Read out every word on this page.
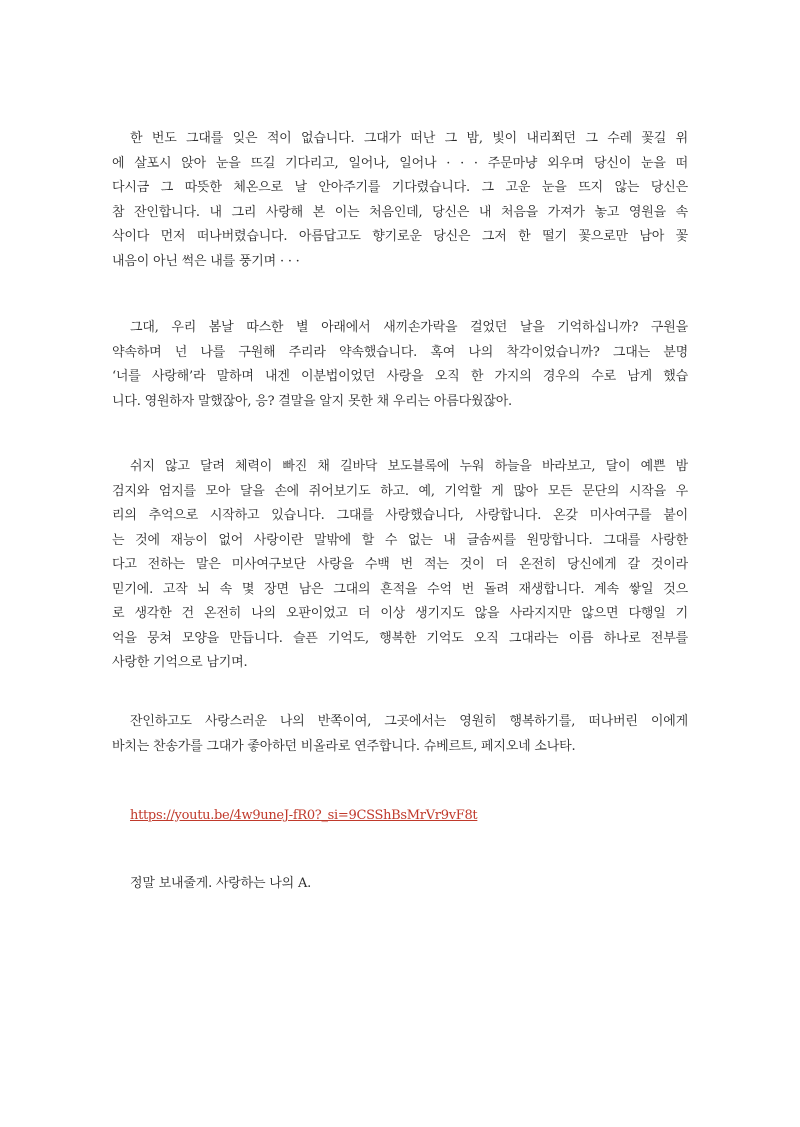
한 번도 그대를 잊은 적이 없습니다. 그대가 떠난 그 밤, 빛이 내리쬐던 그 수레 꽃길 위
에 살포시 앉아 눈을 뜨길 기다리고, 일어나, 일어나 · · · 주문마냥 외우며 당신이 눈을 떠
다시금 그 따뜻한 체온으로 날 안아주기를 기다렸습니다. 그 고운 눈을 뜨지 않는 당신은
참 잔인합니다. 내 그리 사랑해 본 이는 처음인데, 당신은 내 처음을 가져가 놓고 영원을 속
삭이다 먼저 떠나버렸습니다. 아름답고도 향기로운 당신은 그저 한 떨기 꽃으로만 남아 꽃
내음이 아닌 썩은 내를 풍기며 · · ·
그대, 우리 봄날 따스한 별 아래에서 새끼손가락을 걸었던 날을 기억하십니까? 구원을
약속하며 넌 나를 구원해 주리라 약속했습니다. 혹여 나의 착각이었습니까? 그대는 분명
‘너를 사랑해’라 말하며 내겐 이분법이었던 사랑을 오직 한 가지의 경우의 수로 남게 했습
니다. 영원하자 말했잖아, 응? 결말을 알지 못한 채 우리는 아름다웠잖아.
쉬지 않고 달려 체력이 빠진 채 길바닥 보도블록에 누워 하늘을 바라보고, 달이 예쁜 밤
검지와 엄지를 모아 달을 손에 쥐어보기도 하고. 예, 기억할 게 많아 모든 문단의 시작을 우
리의 추억으로 시작하고 있습니다. 그대를 사랑했습니다, 사랑합니다. 온갖 미사여구를 붙이
는 것에 재능이 없어 사랑이란 말밖에 할 수 없는 내 글솜씨를 원망합니다. 그대를 사랑한
다고 전하는 말은 미사여구보단 사랑을 수백 번 적는 것이 더 온전히 당신에게 갈 것이라
믿기에. 고작 뇌 속 몇 장면 남은 그대의 흔적을 수억 번 돌려 재생합니다. 계속 쌓일 것으
로 생각한 건 온전히 나의 오판이었고 더 이상 생기지도 않을 사라지지만 않으면 다행일 기
억을 뭉쳐 모양을 만듭니다. 슬픈 기억도, 행복한 기억도 오직 그대라는 이름 하나로 전부를
사랑한 기억으로 남기며.
잔인하고도 사랑스러운 나의 반쪽이여, 그곳에서는 영원히 행복하기를, 떠나버린 이에게
바치는 찬송가를 그대가 좋아하던 비올라로 연주합니다. 슈베르트, 페지오네 소나타.
https://youtu.be/4w9uneJ-fR0?_si=9CSShBsMrVr9vF8t
정말 보내줄게. 사랑하는 나의 A.
